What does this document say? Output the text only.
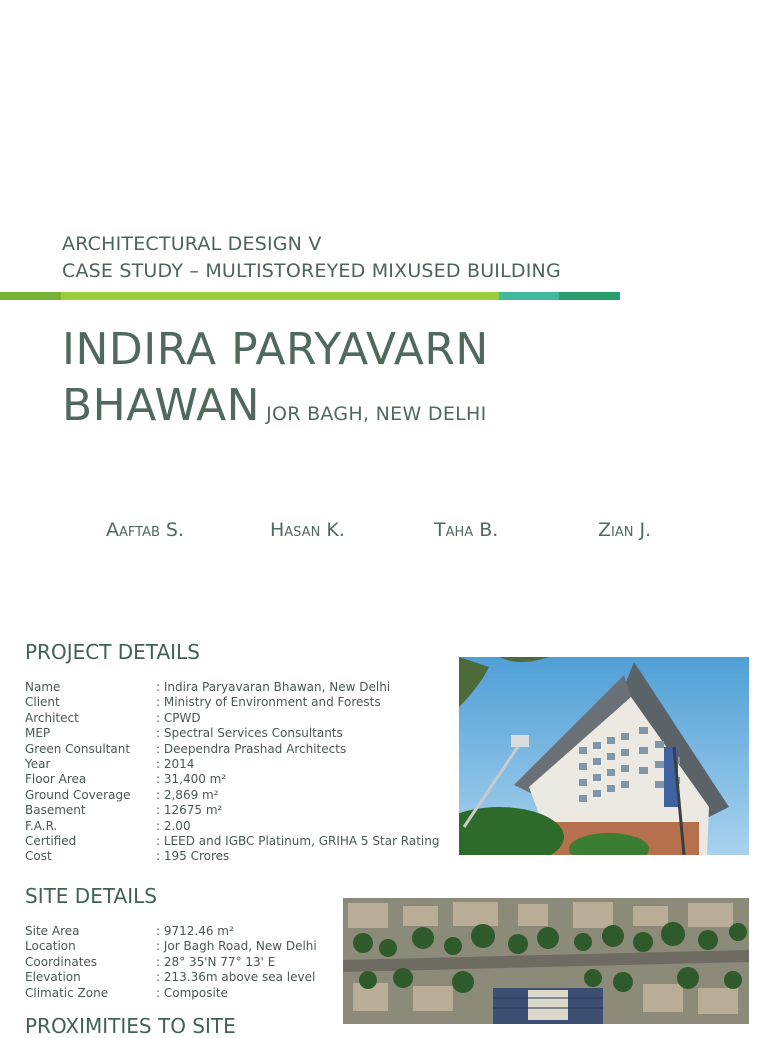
ARCHITECTURAL DESIGN V
CASE STUDY – MULTISTOREYED MIXUSED BUILDING
INDIRA PARYAVARN
BHAWAN JOR BAGH, NEW DELHI
Aaftab S.	Hasan K.	Taha B.	Zian J.
PROJECT DETAILS
Name	: Indira Paryavaran Bhawan, New Delhi
Client	: Ministry of Environment and Forests
Architect	: CPWD
MEP	: Spectral Services Consultants
Green Consultant	: Deependra Prashad Architects
Year	: 2014
Floor Area	: 31,400 m²
Ground Coverage	: 2,869 m²
Basement	: 12675 m²
F.A.R.	: 2.00
Certified	: LEED and IGBC Platinum, GRIHA 5 Star Rating
Cost	: 195 Crores
SITE DETAILS
Site Area	: 9712.46 m²
Location	: Jor Bagh Road, New Delhi
Coordinates	: 28° 35'N 77° 13' E
Elevation	: 213.36m above sea level
Climatic Zone	: Composite
PROXIMITIES TO SITE
